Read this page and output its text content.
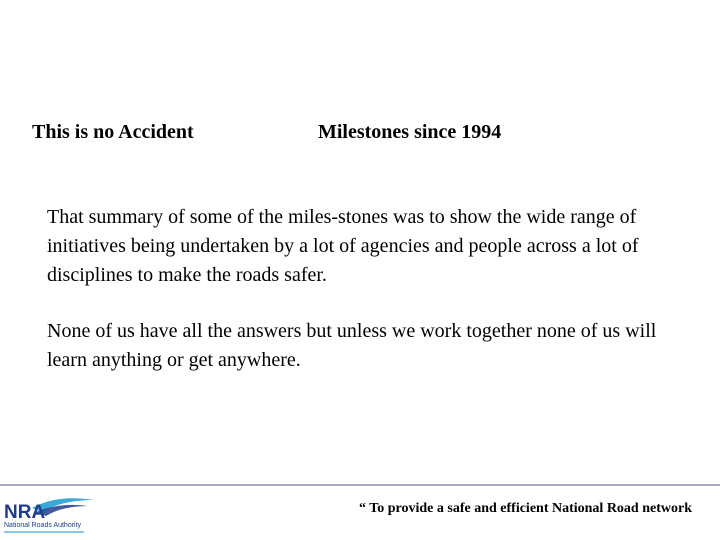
This is no Accident	Milestones since 1994

That summary of some of the miles-stones was to show the wide range of initiatives being undertaken by a lot of agencies and people across a lot of disciplines to make the roads safer.

None of us have all the answers but unless we work together none of us will learn anything or get anywhere.

NRA
National Roads Authority
“ To provide a safe and efficient National Road network
